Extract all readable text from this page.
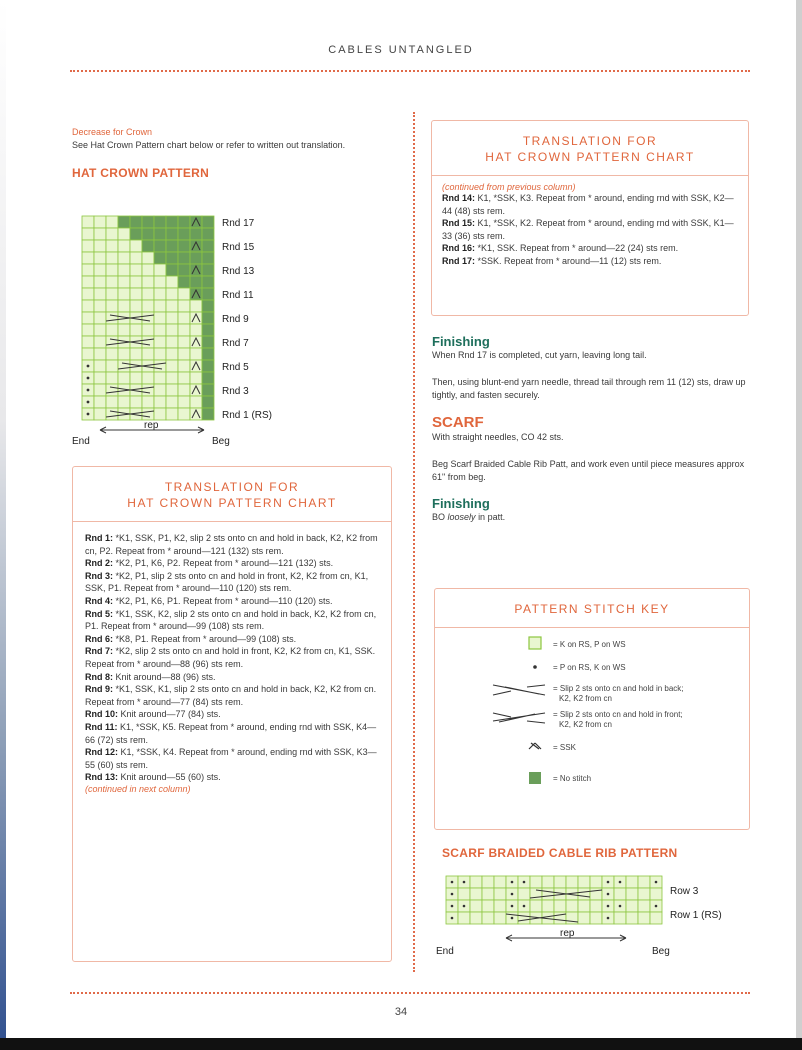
CABLES UNTANGLED
Decrease for Crown
See Hat Crown Pattern chart below or refer to written out translation.
HAT CROWN PATTERN
Rnd 17
Rnd 15
Rnd 13
Rnd 11
Rnd 9
Rnd 7
Rnd 5
Rnd 3
Rnd 1 (RS)
rep
End	Beg
TRANSLATION FOR
HAT CROWN PATTERN CHART

Rnd 1: *K1, SSK, P1, K2, slip 2 sts onto cn and hold in back, K2, K2 from cn, P2. Repeat from * around—121 (132) sts rem.

Rnd 2: *K2, P1, K6, P2. Repeat from * around—121 (132) sts.

Rnd 3: *K2, P1, slip 2 sts onto cn and hold in front, K2, K2 from cn, K1, SSK, P1. Repeat from * around—110 (120) sts rem.

Rnd 4: *K2, P1, K6, P1. Repeat from * around—110 (120) sts.

Rnd 5: *K1, SSK, K2, slip 2 sts onto cn and hold in back, K2, K2 from cn, P1. Repeat from * around—99 (108) sts rem.

Rnd 6: *K8, P1. Repeat from * around—99 (108) sts.

Rnd 7: *K2, slip 2 sts onto cn and hold in front, K2, K2 from cn, K1, SSK. Repeat from * around—88 (96) sts rem.

Rnd 8: Knit around—88 (96) sts.

Rnd 9: *K1, SSK, K1, slip 2 sts onto cn and hold in back, K2, K2 from cn. Repeat from * around—77 (84) sts rem.

Rnd 10: Knit around—77 (84) sts.

Rnd 11: K1, *SSK, K5. Repeat from * around, ending rnd with SSK, K4—66 (72) sts rem.

Rnd 12: K1, *SSK, K4. Repeat from * around, ending rnd with SSK, K3—55 (60) sts rem.

Rnd 13: Knit around—55 (60) sts.

(continued in next column)
TRANSLATION FOR
HAT CROWN PATTERN CHART
(continued from previous column)

Rnd 14: K1, *SSK, K3. Repeat from * around, ending rnd with SSK, K2—44 (48) sts rem.

Rnd 15: K1, *SSK, K2. Repeat from * around, ending rnd with SSK, K1—33 (36) sts rem.

Rnd 16: *K1, SSK. Repeat from * around—22 (24) sts rem.

Rnd 17: *SSK. Repeat from * around—11 (12) sts rem.

Finishing
When Rnd 17 is completed, cut yarn, leaving long tail.
Then, using blunt-end yarn needle, thread tail through rem 11 (12) sts, draw up tightly, and fasten securely.
SCARF
With straight needles, CO 42 sts.
Beg Scarf Braided Cable Rib Patt, and work even until piece measures approx 61" from beg.
Finishing
BO loosely in patt.
PATTERN STITCH KEY
= K on RS, P on WS
= P on RS, K on WS
= Slip 2 sts onto cn and hold in back;
K2, K2 from cn
= Slip 2 sts onto cn and hold in front;
K2, K2 from cn
= SSK
= No stitch
SCARF BRAIDED CABLE RIB PATTERN
Row 3
Row 1 (RS)
rep
End	Beg
34
